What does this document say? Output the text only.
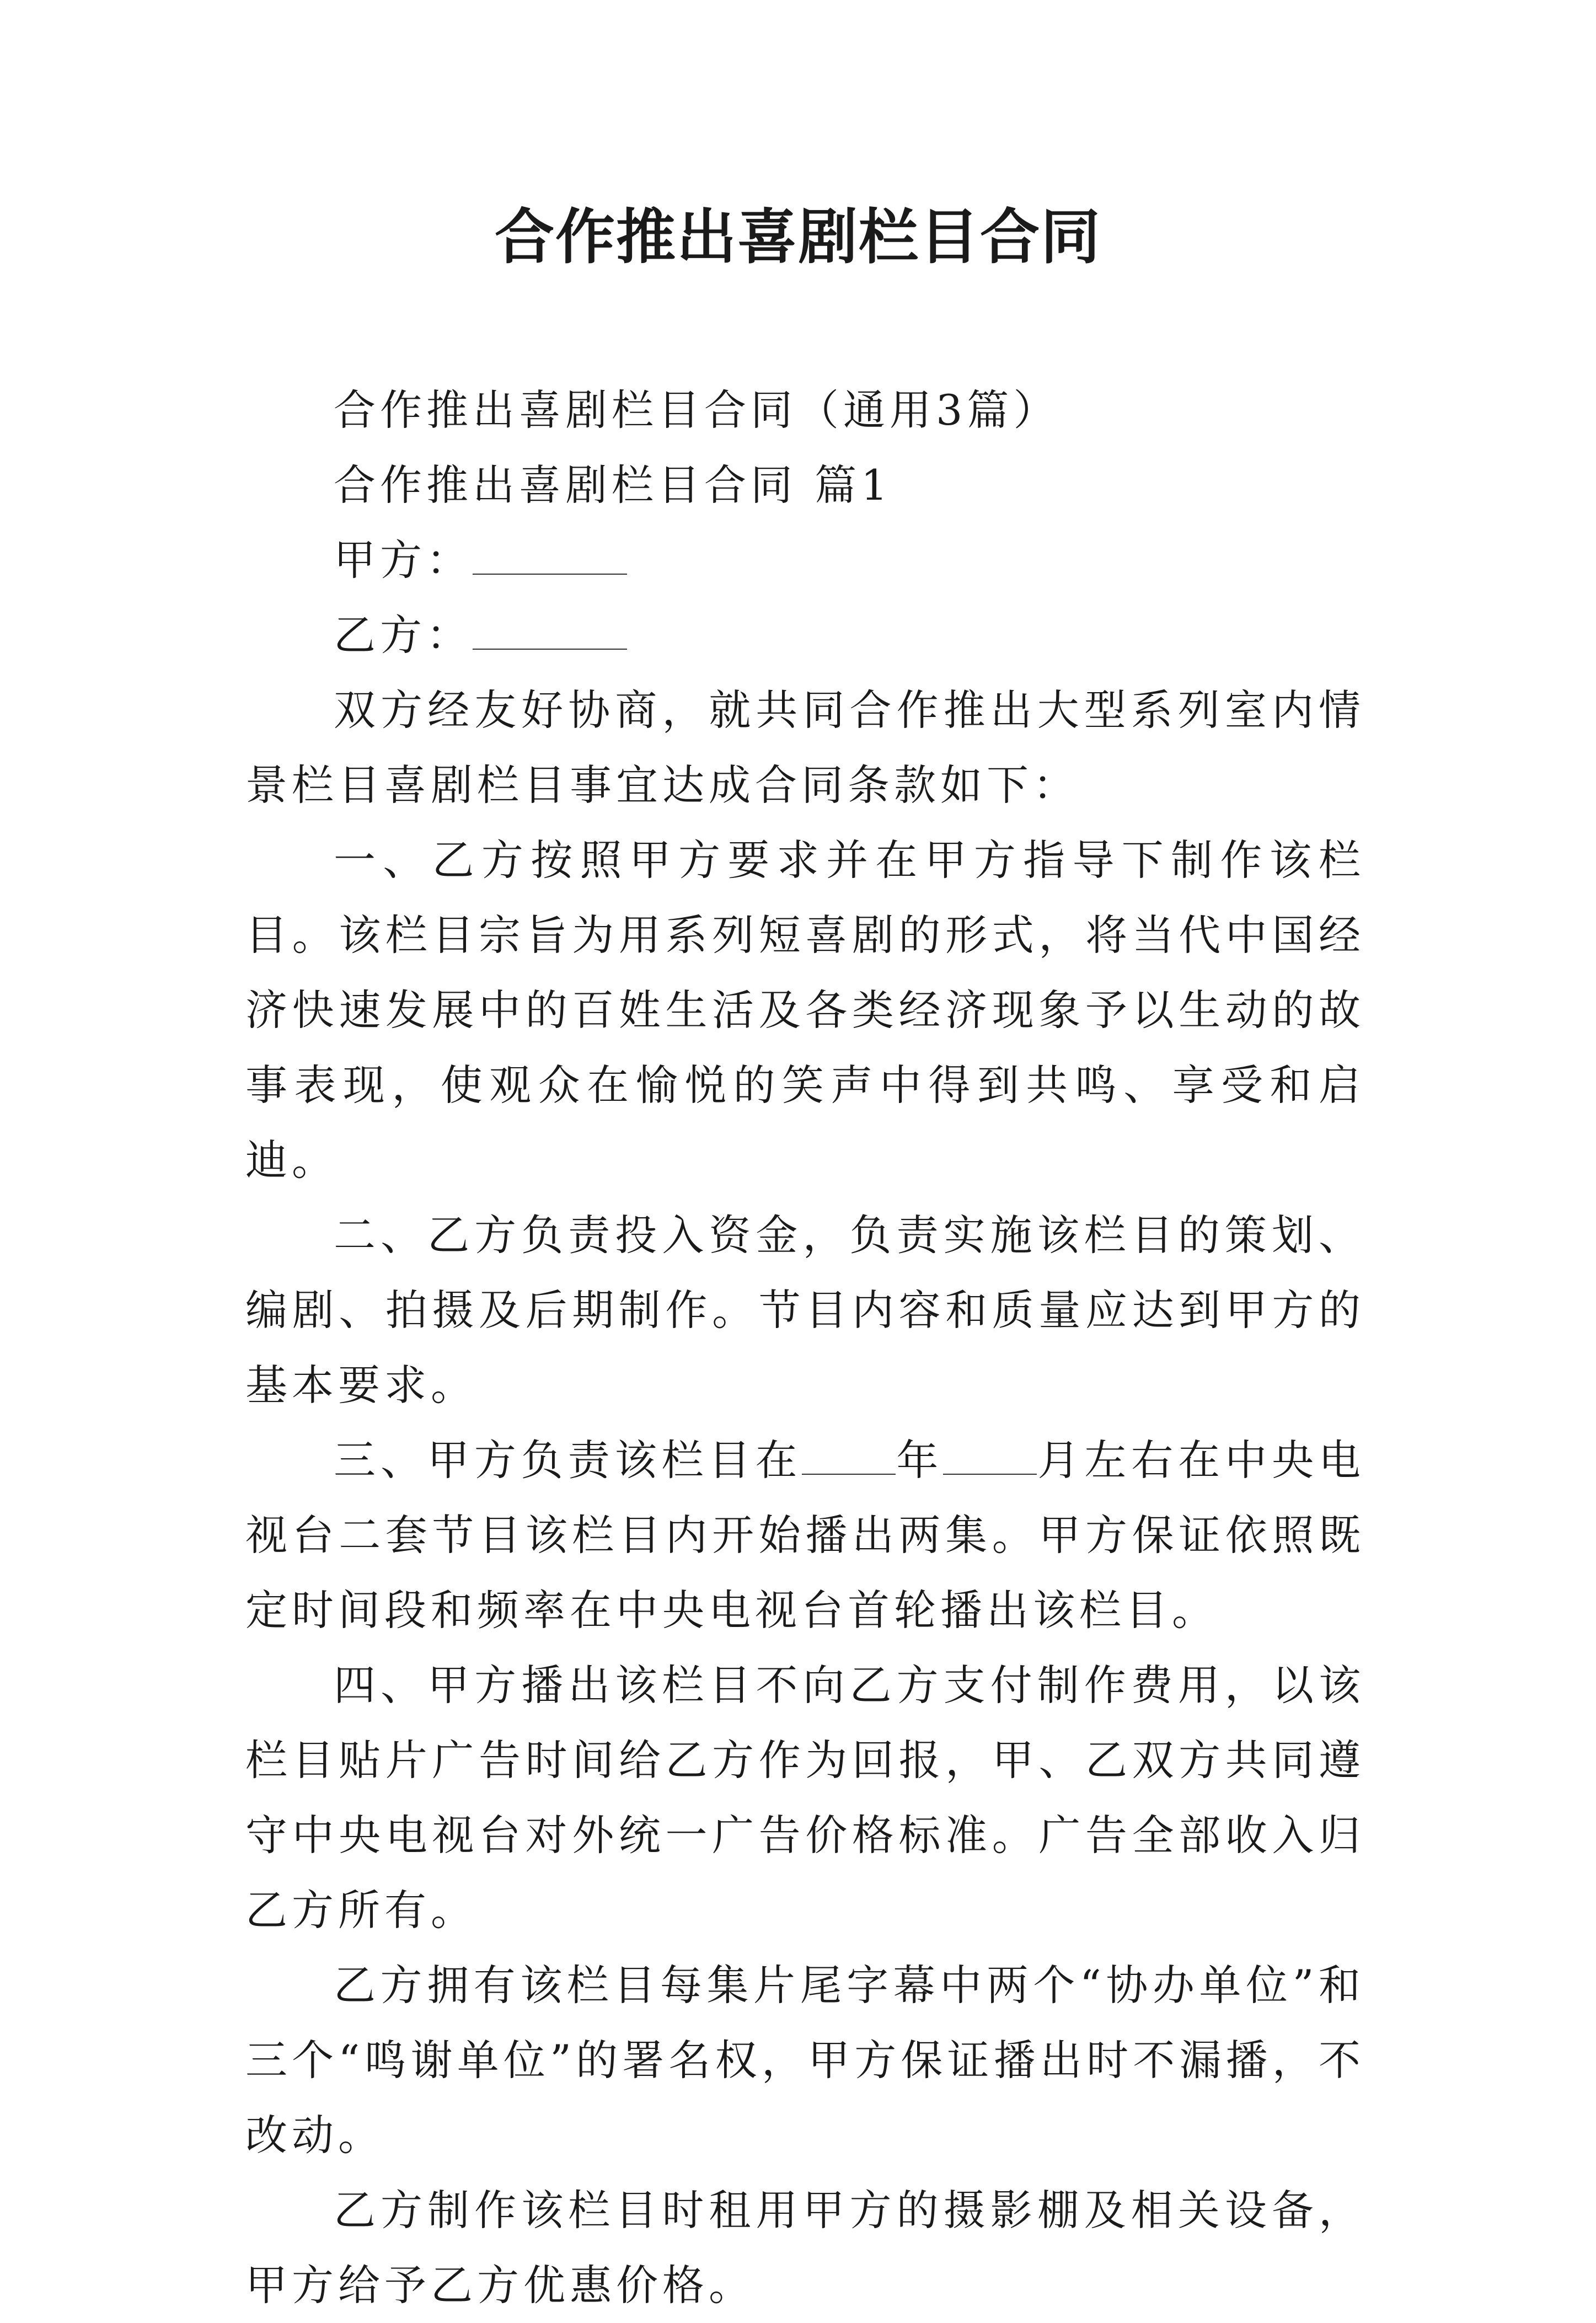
合作推出喜剧栏目合同

合作推出喜剧栏目合同（通用3篇）

合作推出喜剧栏目合同 篇1

甲方：

乙方：

双方经友好协商，就共同合作推出大型系列室内情景栏目喜剧栏目事宜达成合同条款如下：

一、乙方按照甲方要求并在甲方指导下制作该栏目。该栏目宗旨为用系列短喜剧的形式，将当代中国经济快速发展中的百姓生活及各类经济现象予以生动的故事表现，使观众在愉悦的笑声中得到共鸣、享受和启迪。

二、乙方负责投入资金，负责实施该栏目的策划、编剧、拍摄及后期制作。节目内容和质量应达到甲方的基本要求。

三、甲方负责该栏目在 年 月左右在中央电视台二套节目该栏目内开始播出两集。甲方保证依照既定时间段和频率在中央电视台首轮播出该栏目。

四、甲方播出该栏目不向乙方支付制作费用，以该栏目贴片广告时间给乙方作为回报，甲、乙双方共同遵守中央电视台对外统一广告价格标准。广告全部收入归乙方所有。

乙方拥有该栏目每集片尾字幕中两个“协办单位”和三个“鸣谢单位”的署名权，甲方保证播出时不漏播，不改动。

乙方制作该栏目时租用甲方的摄影棚及相关设备，甲方给予乙方优惠价格。
